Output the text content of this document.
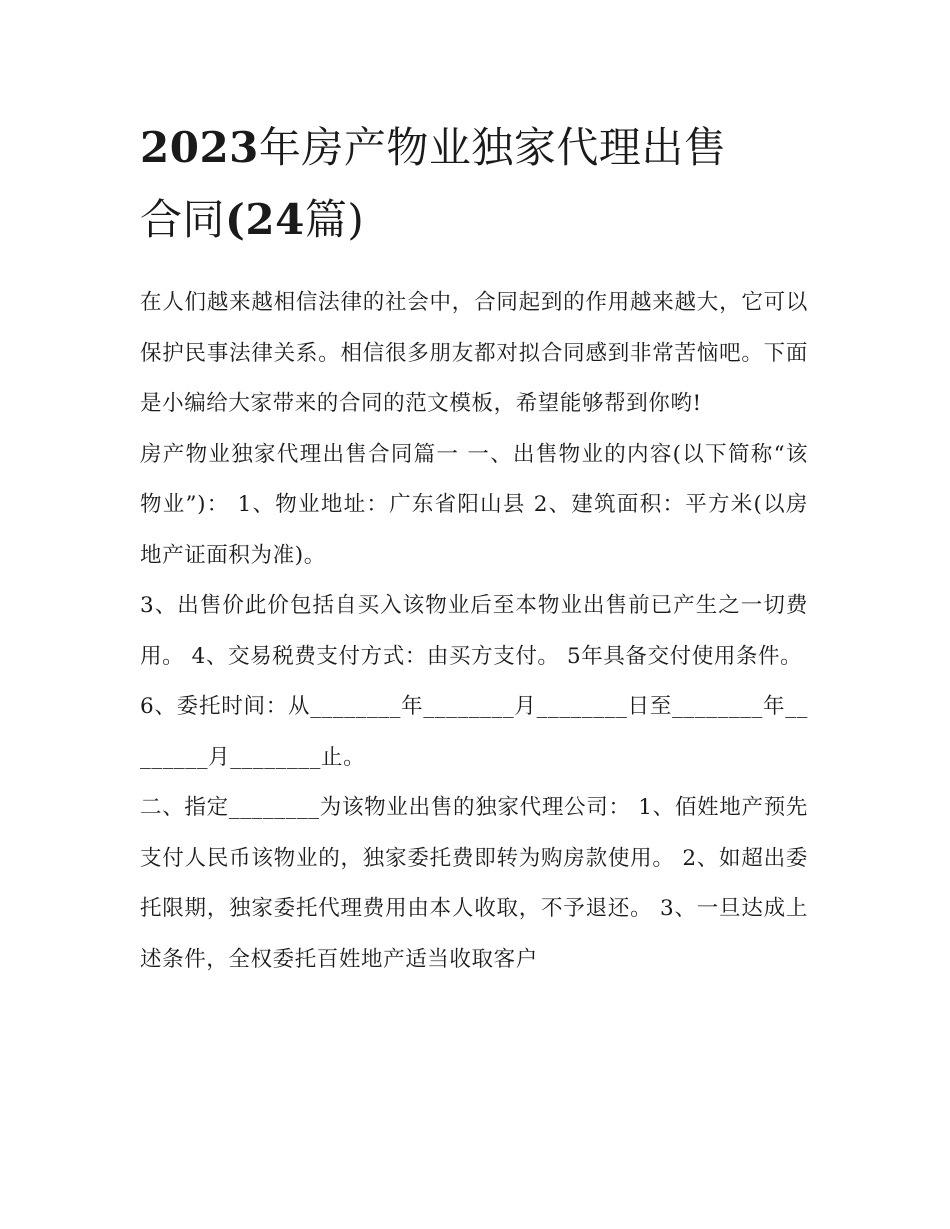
2023年房产物业独家代理出售
合同(24篇)

在人们越来越相信法律的社会中，合同起到的作用越来越大，它可以保护民事法律关系。相信很多朋友都对拟合同感到非常苦恼吧。下面是小编给大家带来的合同的范文模板，希望能够帮到你哟!

房产物业独家代理出售合同篇一 一、出售物业的内容(以下简称“该物业”)： 1、物业地址：广东省阳山县 2、建筑面积：平方米(以房地产证面积为准)。

3、出售价此价包括自买入该物业后至本物业出售前已产生之一切费用。 4、交易税费支付方式：由买方支付。 5年具备交付使用条件。

6、委托时间：从________年________月________日至________年________月________止。

二、指定________为该物业出售的独家代理公司： 1、佰姓地产预先支付人民币该物业的，独家委托费即转为购房款使用。 2、如超出委托限期，独家委托代理费用由本人收取，不予退还。 3、一旦达成上述条件，全权委托百姓地产适当收取客户
